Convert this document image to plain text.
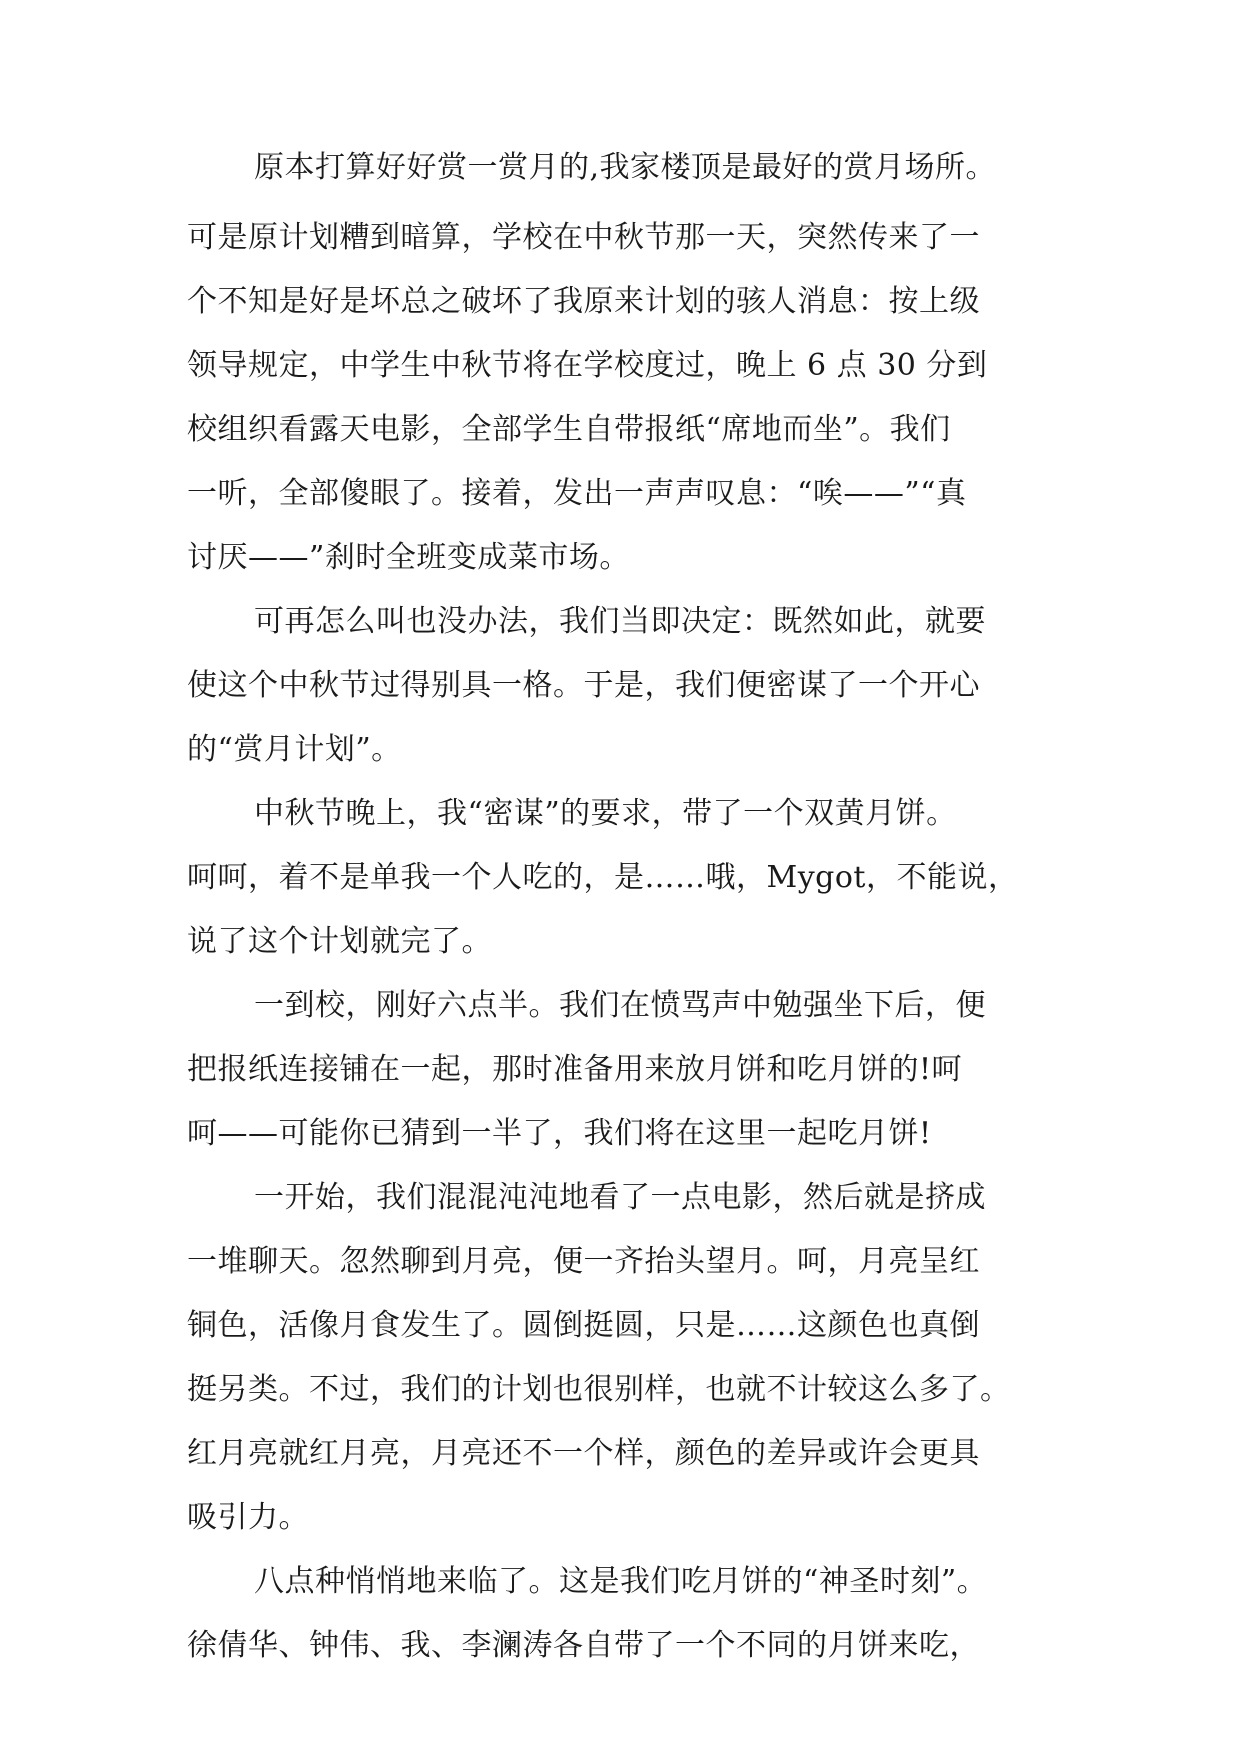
原本打算好好赏一赏月的,我家楼顶是最好的赏月场所。
可是原计划糟到暗算，学校在中秋节那一天，突然传来了一
个不知是好是坏总之破坏了我原来计划的骇人消息：按上级
领导规定，中学生中秋节将在学校度过，晚上 6 点 30 分到
校组织看露天电影，全部学生自带报纸“席地而坐”。我们
一听，全部傻眼了。接着，发出一声声叹息：“唉——”“真
讨厌——”刹时全班变成菜市场。
可再怎么叫也没办法，我们当即决定：既然如此，就要
使这个中秋节过得别具一格。于是，我们便密谋了一个开心
的“赏月计划”。
中秋节晚上，我“密谋”的要求，带了一个双黄月饼。
呵呵，着不是单我一个人吃的，是……哦，Mygot，不能说，
说了这个计划就完了。
一到校，刚好六点半。我们在愤骂声中勉强坐下后，便
把报纸连接铺在一起，那时准备用来放月饼和吃月饼的!呵
呵——可能你已猜到一半了，我们将在这里一起吃月饼!
一开始，我们混混沌沌地看了一点电影，然后就是挤成
一堆聊天。忽然聊到月亮，便一齐抬头望月。呵，月亮呈红
铜色，活像月食发生了。圆倒挺圆，只是……这颜色也真倒
挺另类。不过，我们的计划也很别样，也就不计较这么多了。
红月亮就红月亮，月亮还不一个样，颜色的差异或许会更具
吸引力。
八点种悄悄地来临了。这是我们吃月饼的“神圣时刻”。
徐倩华、钟伟、我、李澜涛各自带了一个不同的月饼来吃，
